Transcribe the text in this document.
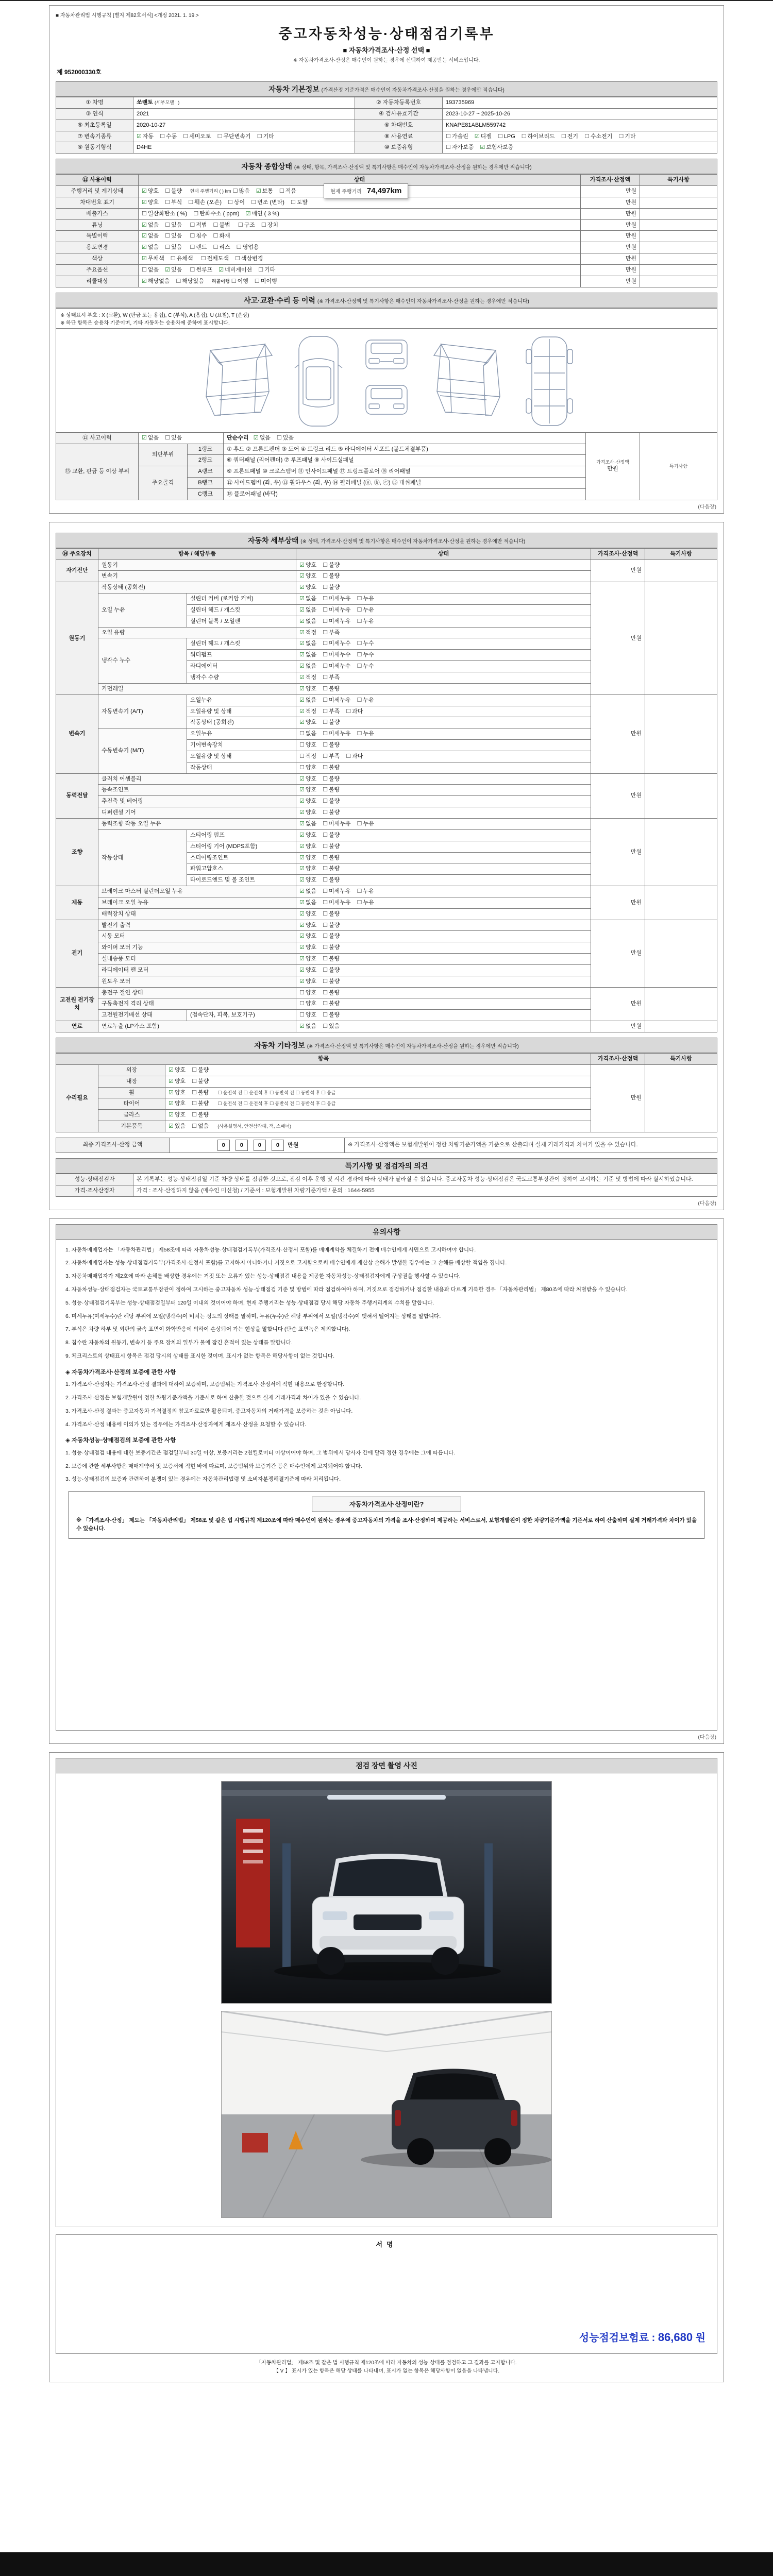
■ 자동차관리법 시행규칙 [별지 제82호서식] <개정 2021. 1. 19.>
중고자동차성능·상태점검기록부
■ 자동차가격조사·산정 선택 ■
※ 자동차가격조사·산정은 매수인이 원하는 경우에 선택하여 제공받는 서비스입니다.
제 952000330호
자동차 기본정보 (가격산정 기준가격은 매수인이 자동차가격조사·산정을 원하는 경우에만 적습니다)
① 차명	쏘렌토 (세부모델 : )	② 자동차등록번호	193735969
③ 연식	2021	④ 검사유효기간	2023-10-27 ~ 2025-10-26
⑤ 최초등록일	2020-10-27	⑥ 차대번호	KNAPE81ABLM559742
⑦ 변속기종류	☑ 자동 ☐ 수동 ☐ 세미오토 ☐ 무단변속기 ☐ 기타	⑧ 사용연료	☐ 가솔린 ☑ 디젤 ☐ LPG ☐ 하이브리드 ☐ 전기 ☐ 수소전기 ☐ 기타
⑨ 원동기형식	D4HE	⑩ 보증유형	☐ 자가보증 ☑ 보험사보증
자동차 종합상태 (※ 상태, 항목, 가격조사·산정액 및 특기사항은 매수인이 자동차가격조사·산정을 원하는 경우에만 적습니다)
⑪ 사용이력	상태	가격조사·산정액	특기사항
주행거리 및 계기상태	☑ 양호 ☐ 불량 현재 주행거리 ( ) km ☐ 많음 ☑ 보통 ☐ 적음	만원	
차대번호 표기	☑ 양호 ☐ 부식 ☐ 훼손 (오손) ☐ 상이 ☐ 변조 (변타) ☐ 도말	만원	
배출가스	☐ 일산화탄소 ( %) ☐ 탄화수소 ( ppm) ☑ 매연 ( 3 %)	만원	
튜닝	☑ 없음 ☐ 있음 ☐ 적법 ☐ 불법 ☐ 구조 ☐ 장치	만원	
특별이력	☑ 없음 ☐ 있음 ☐ 침수 ☐ 화재	만원	
용도변경	☑ 없음 ☐ 있음 ☐ 렌트 ☐ 리스 ☐ 영업용	만원	
색상	☑ 무채색 ☐ 유채색 ☐ 전체도색 ☐ 색상변경	만원	
주요옵션	☐ 없음 ☑ 있음 ☐ 썬루프 ☑ 네비게이션 ☐ 기타	만원	
리콜대상	☑ 해당없음 ☐ 해당있음 리콜이행 ☐ 이행 ☐ 미이행	만원	
현재 주행거리 74,497km
사고·교환·수리 등 이력 (※ 가격조사·산정액 및 특기사항은 매수인이 자동차가격조사·산정을 원하는 경우에만 적습니다)
※ 상태표시 부호 : X (교환), W (판금 또는 용접), C (부식), A (흠집), U (요철), T (손상)
※ 하단 항목은 승용차 기준이며, 기타 자동차는 승용차에 준하여 표시합니다.
⑫ 사고이력	☑ 없음 ☐ 있음		단순수리 ☑ 없음 ☐ 있음	가격조사·산정액
만원	특기사항

⑬ 교환, 판금 등 이상 부위	외판부위	1랭크	① 후드 ② 프론트펜더 ③ 도어 ④ 트렁크 리드 ⑤ 라디에이터 서포트 (볼트체결부품)		
		2랭크	⑥ 쿼터패널 (리어펜더) ⑦ 루프패널 ⑧ 사이드실패널		
	주요골격	A랭크	⑨ 프론트패널 ⑩ 크로스멤버 ⑪ 인사이드패널 ⑰ 트렁크플로어 ⑱ 리어패널		
		B랭크	⑫ 사이드멤버 (좌, 우) ⑬ 휠하우스 (좌, 우) ⑭ 필러패널 (ⓐ, ⓑ, ⓒ) ⑯ 대쉬패널		
		C랭크	⑮ 플로어패널 (바닥)		
(다음장)
자동차 세부상태 (※ 상태, 가격조사·산정액 및 특기사항은 매수인이 자동차가격조사·산정을 원하는 경우에만 적습니다)
⑭ 주요장치	항목 / 해당부품		상태	가격조사·산정액	특기사항
자기진단	원동기		☑ 양호 ☐ 불량	만원	
	변속기		☑ 양호 ☐ 불량		
원동기	작동상태 (공회전)		☑ 양호 ☐ 불량	만원	
	오일 누유	실린더 커버 (로커암 커버)	☑ 없음 ☐ 미세누유 ☐ 누유		
		실린더 헤드 / 개스킷	☑ 없음 ☐ 미세누유 ☐ 누유		
		실린더 블록 / 오일팬	☑ 없음 ☐ 미세누유 ☐ 누유		
	오일 유량		☑ 적정 ☐ 부족		
	냉각수 누수	실린더 헤드 / 개스킷	☑ 없음 ☐ 미세누수 ☐ 누수		
		워터펌프	☑ 없음 ☐ 미세누수 ☐ 누수		
		라디에이터	☑ 없음 ☐ 미세누수 ☐ 누수		
		냉각수 수량	☑ 적정 ☐ 부족		
	커먼레일		☑ 양호 ☐ 불량		
변속기	자동변속기 (A/T)	오일누유	☑ 없음 ☐ 미세누유 ☐ 누유	만원	
		오일유량 및 상태	☑ 적정 ☐ 부족 ☐ 과다		
		작동상태 (공회전)	☑ 양호 ☐ 불량		
	수동변속기 (M/T)	오일누유	☐ 없음 ☐ 미세누유 ☐ 누유		
		기어변속장치	☐ 양호 ☐ 불량		
		오일유량 및 상태	☐ 적정 ☐ 부족 ☐ 과다		
		작동상태	☐ 양호 ☐ 불량		
동력전달	클러치 어셈블리		☑ 양호 ☐ 불량	만원	
	등속조인트		☑ 양호 ☐ 불량		
	추진축 및 베어링		☑ 양호 ☐ 불량		
	디퍼렌셜 기어		☑ 양호 ☐ 불량		
조향	동력조향 작동 오일 누유		☑ 없음 ☐ 미세누유 ☐ 누유	만원	
	작동상태	스티어링 펌프	☑ 양호 ☐ 불량		
		스티어링 기어 (MDPS포함)	☑ 양호 ☐ 불량		
		스티어링조인트	☑ 양호 ☐ 불량		
		파워고압호스	☑ 양호 ☐ 불량		
		타이로드엔드 및 볼 조인트	☑ 양호 ☐ 불량		
제동	브레이크 마스터 실린더오일 누유		☑ 없음 ☐ 미세누유 ☐ 누유	만원	
	브레이크 오일 누유		☑ 없음 ☐ 미세누유 ☐ 누유		
	배력장치 상태		☑ 양호 ☐ 불량		
전기	발전기 출력		☑ 양호 ☐ 불량	만원	
	시동 모터		☑ 양호 ☐ 불량		
	와이퍼 모터 기능		☑ 양호 ☐ 불량		
	실내송풍 모터		☑ 양호 ☐ 불량		
	라디에이터 팬 모터		☑ 양호 ☐ 불량		
	윈도우 모터		☑ 양호 ☐ 불량		
고전원 전기장치	충전구 절연 상태		☐ 양호 ☐ 불량	만원	
	구동축전지 격리 상태		☐ 양호 ☐ 불량		
	고전원전기배선 상태	(접속단자, 피복, 보호기구)	☐ 양호 ☐ 불량		
연료	연료누출 (LP가스 포함)		☑ 없음 ☐ 있음	만원	
자동차 기타정보 (※ 가격조사·산정액 및 특기사항은 매수인이 자동차가격조사·산정을 원하는 경우에만 적습니다)
항목			가격조사·산정액	특기사항
수리필요	외장	☑ 양호 ☐ 불량	만원	
	내장	☑ 양호 ☐ 불량		
	휠	☑ 양호 ☐ 불량  ☐ 운전석 전 ☐ 운전석 후 ☐ 동반석 전 ☐ 동반석 후 ☐ 응급		
	타이어	☑ 양호 ☐ 불량  ☐ 운전석 전 ☐ 운전석 후 ☐ 동반석 전 ☐ 동반석 후 ☐ 응급		
	글라스	☑ 양호 ☐ 불량		
	기본품목	☑ 있음 ☐ 없음  (사용설명서, 안전삼각대, 잭, 스패너)		
최종 가격조사·산정 금액	0	0	0	0 만원	※ 가격조사·산정액은 보험개발원이 정한 차량기준가액을 기준으로 산출되며 실제 거래가격과 차이가 있을 수 있습니다.
특기사항 및 점검자의 의견
성능·상태점검자	본 기록부는 성능·상태점검일 기준 차량 상태를 점검한 것으로, 점검 이후 운행 및 시간 경과에 따라 상태가 달라질 수 있습니다. 중고자동차 성능·상태점검은 국토교통부장관이 정하여 고시하는 기준 및 방법에 따라 실시하였습니다.
가격·조사산정자	가격 : 조사·산정하지 않음 (매수인 미신청) / 기준서 : 보험개발원 차량기준가액 / 문의 : 1644-5955
(다음장)
유의사항
1. 자동차매매업자는 「자동차관리법」 제58조에 따라 자동차성능·상태점검기록부(가격조사·산정서 포함)를 매매계약을 체결하기 전에 매수인에게 서면으로 고지하여야 합니다.
2. 자동차매매업자는 성능·상태점검기록부(가격조사·산정서 포함)를 고지하지 아니하거나 거짓으로 고지함으로써 매수인에게 재산상 손해가 발생한 경우에는 그 손해를 배상할 책임을 집니다.
3. 자동차매매업자가 제2호에 따라 손해를 배상한 경우에는 거짓 또는 오류가 있는 성능·상태점검 내용을 제공한 자동차성능·상태점검자에게 구상권을 행사할 수 있습니다.
4. 자동차성능·상태점검자는 국토교통부장관이 정하여 고시하는 중고자동차 성능·상태점검 기준 및 방법에 따라 점검하여야 하며, 거짓으로 점검하거나 점검한 내용과 다르게 기록한 경우 「자동차관리법」 제80조에 따라 처벌받을 수 있습니다.
5. 성능·상태점검기록부는 성능·상태점검일부터 120일 이내의 것이어야 하며, 현재 주행거리는 성능·상태점검 당시 해당 자동차 주행거리계의 수치를 말합니다.
6. 미세누유(미세누수)란 해당 부위에 오일(냉각수)이 비치는 정도의 상태를 말하며, 누유(누수)란 해당 부위에서 오일(냉각수)이 맺혀서 떨어지는 상태를 말합니다.
7. 부식은 차량 하부 및 외판의 금속 표면이 화학반응에 의하여 손상되어 가는 현상을 말합니다 (단순 표면녹은 제외합니다).
8. 침수란 자동차의 원동기, 변속기 등 주요 장치의 일부가 물에 잠긴 흔적이 있는 상태를 말합니다.
9. 체크리스트의 상태표시 항목은 점검 당시의 상태를 표시한 것이며, 표시가 없는 항목은 해당사항이 없는 것입니다.
◈ 자동차가격조사·산정의 보증에 관한 사항
1. 가격조사·산정자는 가격조사·산정 결과에 대하여 보증하며, 보증범위는 가격조사·산정서에 적힌 내용으로 한정합니다.
2. 가격조사·산정은 보험개발원이 정한 차량기준가액을 기준서로 하여 산출한 것으로 실제 거래가격과 차이가 있을 수 있습니다.
3. 가격조사·산정 결과는 중고자동차 가격결정의 참고자료로만 활용되며, 중고자동차의 거래가격을 보증하는 것은 아닙니다.
4. 가격조사·산정 내용에 이의가 있는 경우에는 가격조사·산정자에게 재조사·산정을 요청할 수 있습니다.
◈ 자동차성능·상태점검의 보증에 관한 사항
1. 성능·상태점검 내용에 대한 보증기간은 점검일부터 30일 이상, 보증거리는 2천킬로미터 이상이어야 하며, 그 범위에서 당사자 간에 달리 정한 경우에는 그에 따릅니다.
2. 보증에 관한 세부사항은 매매계약서 및 보증서에 적힌 바에 따르며, 보증범위와 보증기간 등은 매수인에게 고지되어야 합니다.
3. 성능·상태점검의 보증과 관련하여 분쟁이 있는 경우에는 자동차관리법령 및 소비자분쟁해결기준에 따라 처리됩니다.
자동차가격조사·산정이란?
※ 「가격조사·산정」 제도는 「자동차관리법」 제58조 및 같은 법 시행규칙 제120조에 따라 매수인이 원하는 경우에 중고자동차의 가격을 조사·산정하여 제공하는 서비스로서, 보험개발원이 정한 차량기준가액을 기준서로 하여 산출하며 실제 거래가격과 차이가 있을 수 있습니다.
(다음장)
점검 장면 촬영 사진
서명
성능점검보험료 : 86,680 원
「자동차관리법」 제58조 및 같은 법 시행규칙 제120조에 따라 자동차의 성능·상태를 점검하고 그 결과를 고지합니다.
【 V 】 표시가 있는 항목은 해당 상태를 나타내며, 표시가 없는 항목은 해당사항이 없음을 나타냅니다.
